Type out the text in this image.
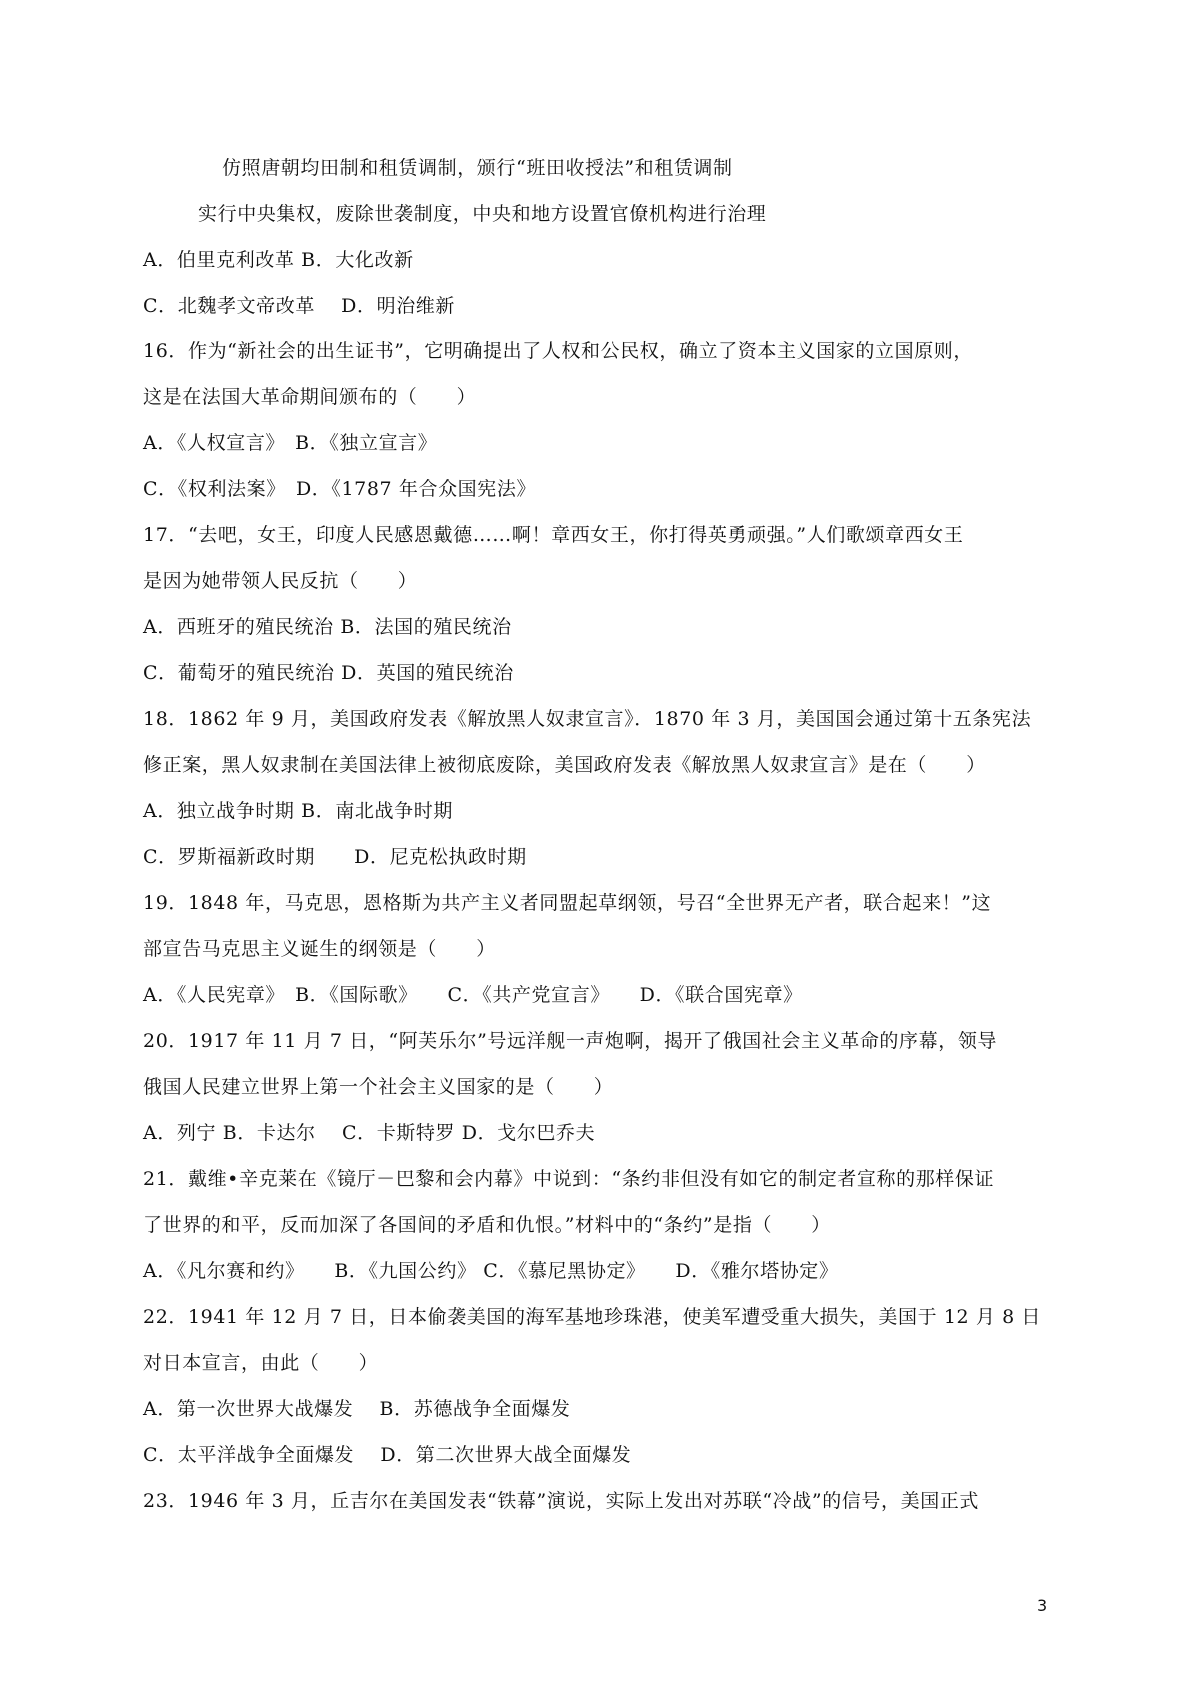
仿照唐朝均田制和租赁调制，颁行“班田收授法”和租赁调制
实行中央集权，废除世袭制度，中央和地方设置官僚机构进行治理
A．伯里克利改革 B．大化改新
C．北魏孝文帝改革　 D．明治维新
16．作为“新社会的出生证书”，它明确提出了人权和公民权，确立了资本主义国家的立国原则，
这是在法国大革命期间颁布的（　　）
A．《人权宣言》　B．《独立宣言》
C．《权利法案》　D．《1787 年合众国宪法》
17．“去吧，女王，印度人民感恩戴德……啊！章西女王，你打得英勇顽强。”人们歌颂章西女王
是因为她带领人民反抗（　　）
A．西班牙的殖民统治 B．法国的殖民统治
C．葡萄牙的殖民统治 D．英国的殖民统治
18．1862 年 9 月，美国政府发表《解放黑人奴隶宣言》．1870 年 3 月，美国国会通过第十五条宪法
修正案，黑人奴隶制在美国法律上被彻底废除，美国政府发表《解放黑人奴隶宣言》是在（　　）
A．独立战争时期 B．南北战争时期
C．罗斯福新政时期　　D．尼克松执政时期
19．1848 年，马克思，恩格斯为共产主义者同盟起草纲领，号召“全世界无产者，联合起来！”这
部宣告马克思主义诞生的纲领是（　　）
A．《人民宪章》　B．《国际歌》　　C．《共产党宣言》　　D．《联合国宪章》
20．1917 年 11 月 7 日，“阿芙乐尔”号远洋舰一声炮啊，揭开了俄国社会主义革命的序幕，领导
俄国人民建立世界上第一个社会主义国家的是（　　）
A．列宁 B．卡达尔　 C．卡斯特罗 D．戈尔巴乔夫
21．戴维•辛克莱在《镜厅－巴黎和会内幕》中说到：“条约非但没有如它的制定者宣称的那样保证
了世界的和平，反而加深了各国间的矛盾和仇恨。”材料中的“条约”是指（　　）
A．《凡尔赛和约》　　B．《九国公约》 C．《慕尼黑协定》　　D．《雅尔塔协定》
22．1941 年 12 月 7 日，日本偷袭美国的海军基地珍珠港，使美军遭受重大损失，美国于 12 月 8 日
对日本宣言，由此（　　）
A．第一次世界大战爆发　 B．苏德战争全面爆发
C．太平洋战争全面爆发　 D．第二次世界大战全面爆发
23．1946 年 3 月，丘吉尔在美国发表“铁幕”演说，实际上发出对苏联“冷战”的信号，美国正式
3
